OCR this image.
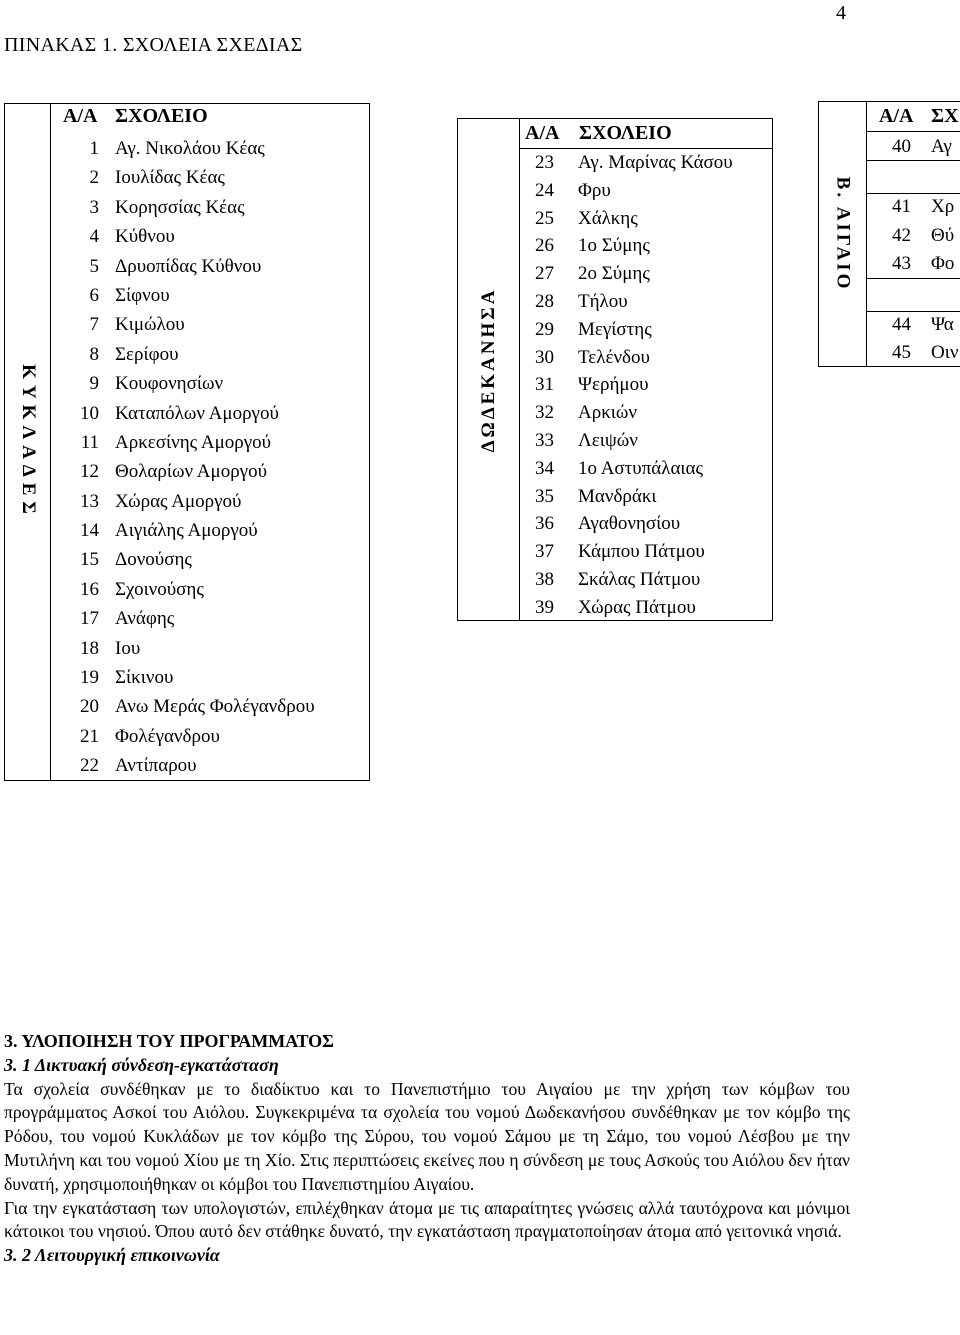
4
ΠΙΝΑΚΑΣ 1. ΣΧΟΛΕΙΑ ΣΧΕΔΙΑΣ
ΚΥΚΛΑΔΕΣ
Α/Α ΣΧΟΛΕΙΟ
1 Αγ. Νικολάου Κέας
2 Ιουλίδας Κέας
3 Κορησσίας Κέας
4 Κύθνου
5 Δρυοπίδας Κύθνου
6 Σίφνου
7 Κιμώλου
8 Σερίφου
9 Κουφονησίων
10 Καταπόλων Αμοργού
11 Αρκεσίνης Αμοργού
12 Θολαρίων Αμοργού
13 Χώρας Αμοργού
14 Αιγιάλης Αμοργού
15 Δονούσης
16 Σχοινούσης
17 Ανάφης
18 Ιου
19 Σίκινου
20 Ανω Μεράς Φολέγανδρου
21 Φολέγανδρου
22 Αντίπαρου
ΔΩΔΕΚΑΝΗΣΑ
Α/Α ΣΧΟΛΕΙΟ
23 Αγ. Μαρίνας Κάσου
24 Φρυ
25 Χάλκης
26 1ο Σύμης
27 2ο Σύμης
28 Τήλου
29 Μεγίστης
30 Τελένδου
31 Ψερήμου
32 Αρκιών
33 Λειψών
34 1ο Αστυπάλαιας
35 Μανδράκι
36 Αγαθονησίου
37 Κάμπου Πάτμου
38 Σκάλας Πάτμου
39 Χώρας Πάτμου
Β. ΑΙΓΑΙΟ
Α/Α ΣΧ
40 Αγ
41 Χρ
42 Θύ
43 Φο
44 Ψα
45 Οιν
3. ΥΛΟΠΟΙΗΣΗ ΤΟΥ ΠΡΟΓΡΑΜΜΑΤΟΣ
3. 1 Δικτυακή σύνδεση-εγκατάσταση

Τα σχολεία συνδέθηκαν με το διαδίκτυο και το Πανεπιστήμιο του Αιγαίου με την χρήση των κόμβων του προγράμματος Ασκοί του Αιόλου. Συγκεκριμένα τα σχολεία του νομού Δωδεκανήσου συνδέθηκαν με τον κόμβο της Ρόδου, του νομού Κυκλάδων με τον κόμβο της Σύρου, του νομού Σάμου με τη Σάμο, του νομού Λέσβου με την Μυτιλήνη και του νομού Χίου με τη Χίο. Στις περιπτώσεις εκείνες που η σύνδεση με τους Ασκούς του Αιόλου δεν ήταν δυνατή, χρησιμοποιήθηκαν οι κόμβοι του Πανεπιστημίου Αιγαίου.

Για την εγκατάσταση των υπολογιστών, επιλέχθηκαν άτομα με τις απαραίτητες γνώσεις αλλά ταυτόχρονα και μόνιμοι κάτοικοι του νησιού. Όπου αυτό δεν στάθηκε δυνατό, την εγκατάσταση πραγματοποίησαν άτομα από γειτονικά νησιά.

3. 2 Λειτουργική επικοινωνία
